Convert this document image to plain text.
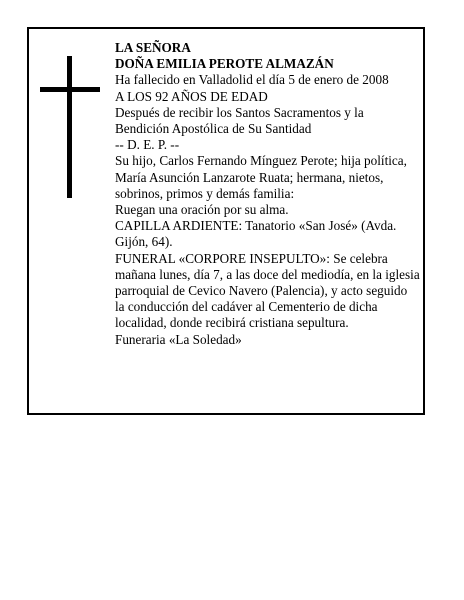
LA SEÑORA

DOÑA EMILIA PEROTE ALMAZÁN

Ha fallecido en Valladolid el día 5 de enero de 2008

A LOS 92 AÑOS DE EDAD

Después de recibir los Santos Sacramentos y la Bendición Apostólica de Su Santidad

-- D. E. P. --

Su hijo, Carlos Fernando Mínguez Perote; hija política, María Asunción Lanzarote Ruata; hermana, nietos, sobrinos, primos y demás familia:

Ruegan una oración por su alma.

CAPILLA ARDIENTE: Tanatorio «San José» (Avda. Gijón, 64).

FUNERAL «CORPORE INSEPULTO»: Se celebra mañana lunes, día 7, a las doce del mediodía, en la iglesia parroquial de Cevico Navero (Palencia), y acto seguido la conducción del cadáver al Cementerio de dicha localidad, donde recibirá cristiana sepultura.

Funeraria «La Soledad»
